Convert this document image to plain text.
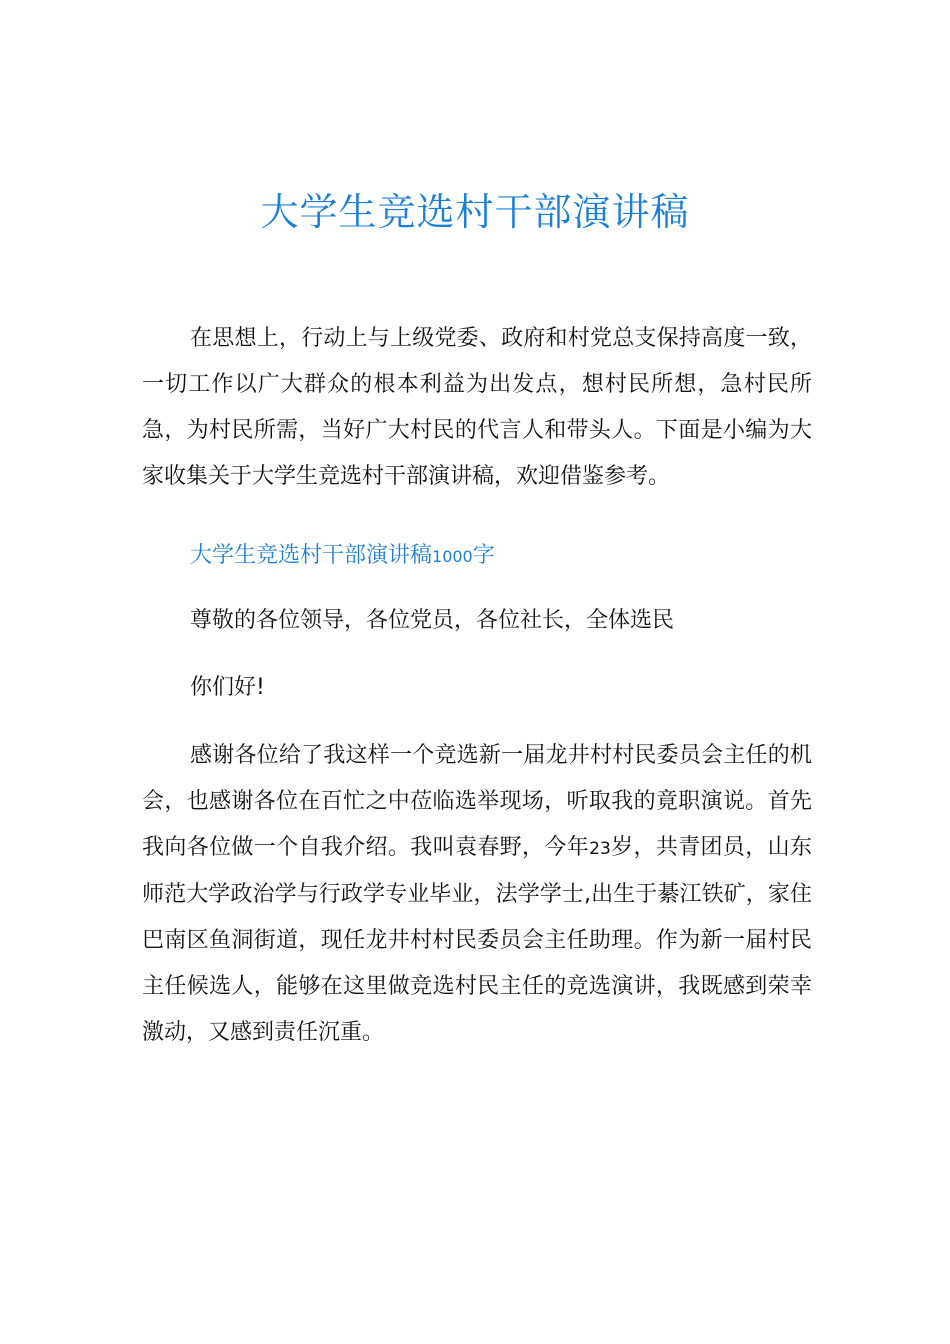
大学生竞选村干部演讲稿

在思想上，行动上与上级党委、政府和村党总支保持高度一致，一切工作以广大群众的根本利益为出发点，想村民所想，急村民所急，为村民所需，当好广大村民的代言人和带头人。下面是小编为大家收集关于大学生竞选村干部演讲稿，欢迎借鉴参考。

大学生竞选村干部演讲稿1000字

尊敬的各位领导，各位党员，各位社长，全体选民

你们好!

感谢各位给了我这样一个竞选新一届龙井村村民委员会主任的机会，也感谢各位在百忙之中莅临选举现场，听取我的竟职演说。首先我向各位做一个自我介绍。我叫袁春野，今年23岁，共青团员，山东师范大学政治学与行政学专业毕业，法学学士,出生于綦江铁矿，家住巴南区鱼洞街道，现任龙井村村民委员会主任助理。作为新一届村民主任候选人，能够在这里做竞选村民主任的竞选演讲，我既感到荣幸激动，又感到责任沉重。
